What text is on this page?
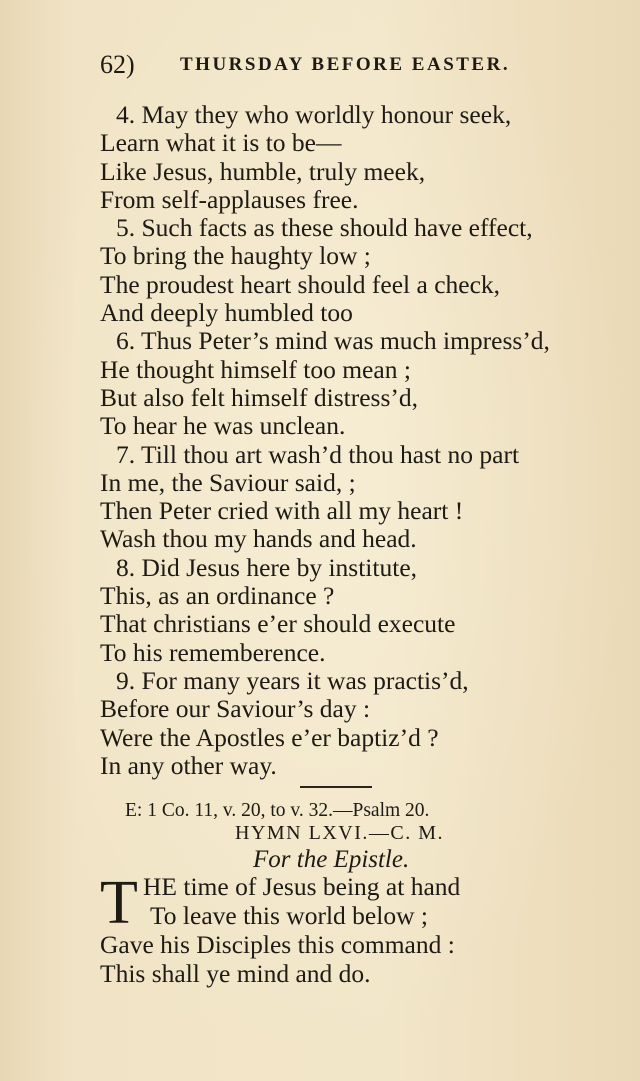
62) THURSDAY BEFORE EASTER.
4. May they who worldly honour seek,
Learn what it is to be—
Like Jesus, humble, truly meek,
From self-applauses free.
5. Such facts as these should have effect,
To bring the haughty low ;
The proudest heart should feel a check,
And deeply humbled too
6. Thus Peter’s mind was much impress’d,
He thought himself too mean ;
But also felt himself distress’d,
To hear he was unclean.
7. Till thou art wash’d thou hast no part
In me, the Saviour said, ;
Then Peter cried with all my heart !
Wash thou my hands and head.
8. Did Jesus here by institute,
This, as an ordinance ?
That christians e’er should execute
To his rememberence.
9. For many years it was practis’d,
Before our Saviour’s day :
Were the Apostles e’er baptiz’d ?
In any other way.
E: 1 Co. 11, v. 20, to v. 32.—Psalm 20.
HYMN LXVI.—C. M.
For the Epistle.
T HE time of Jesus being at hand
To leave this world below ;
Gave his Disciples this command :
This shall ye mind and do.
